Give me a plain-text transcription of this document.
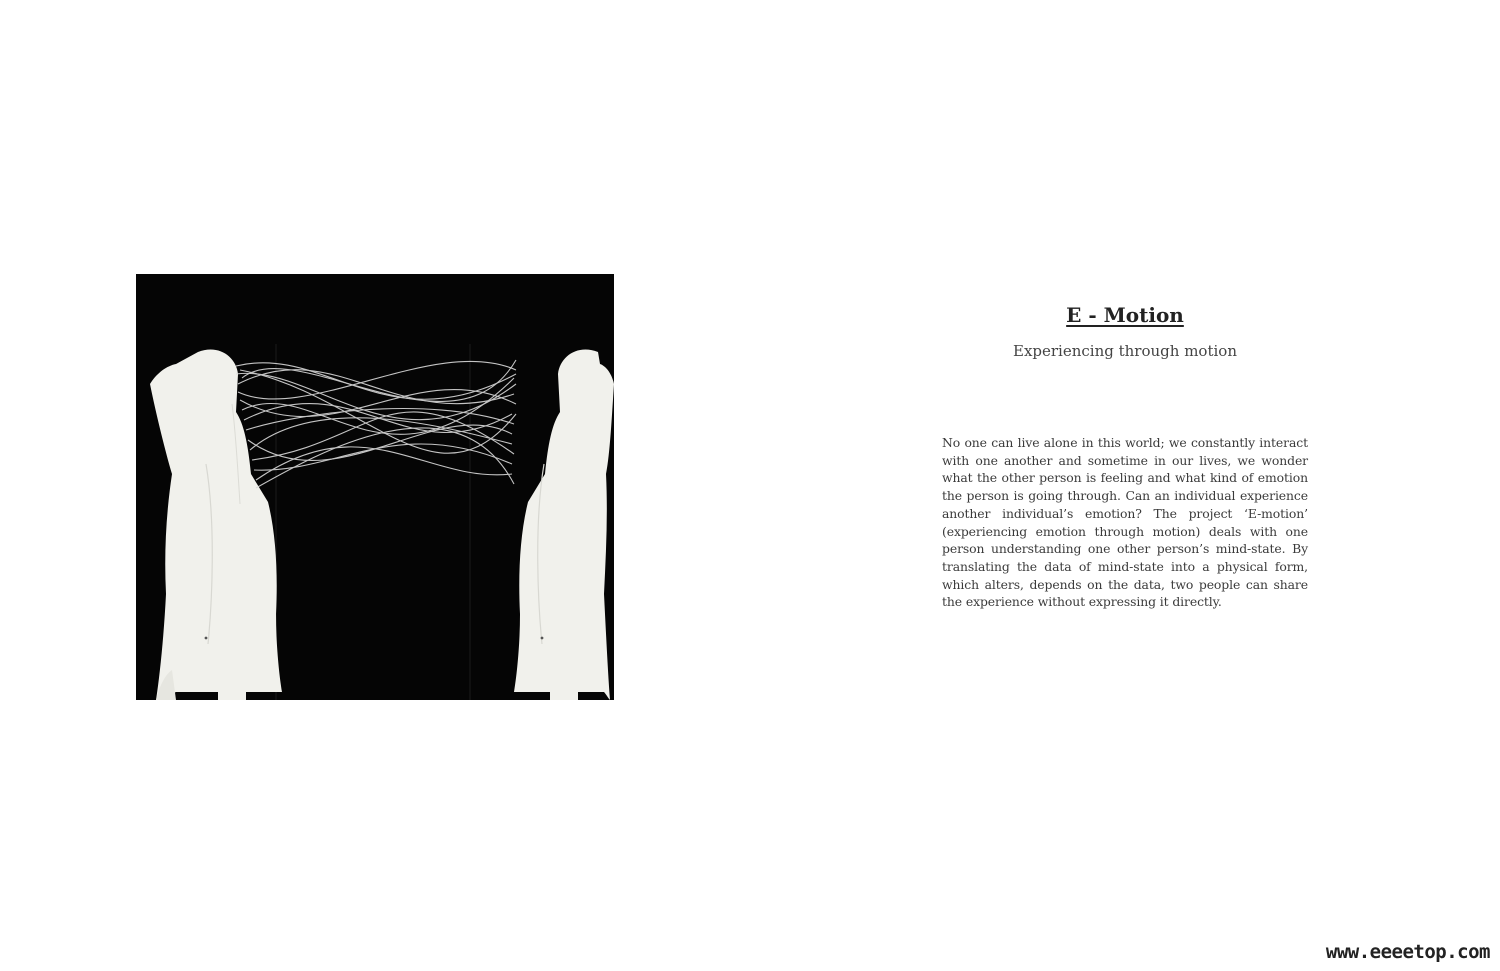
E - Motion
Experiencing through motion

No one can live alone in this world; we constantly interact with one another and sometime in our lives, we wonder what the other person is feeling and what kind of emotion the person is going through. Can an individual experience another individual’s emotion? The project ‘E-motion’ (experiencing emotion through motion) deals with one person understanding one other person’s mind-state. By translating the data of mind-state into a physical form, which alters, depends on the data, two people can share the experience without expressing it directly.

www.eeeetop.com
